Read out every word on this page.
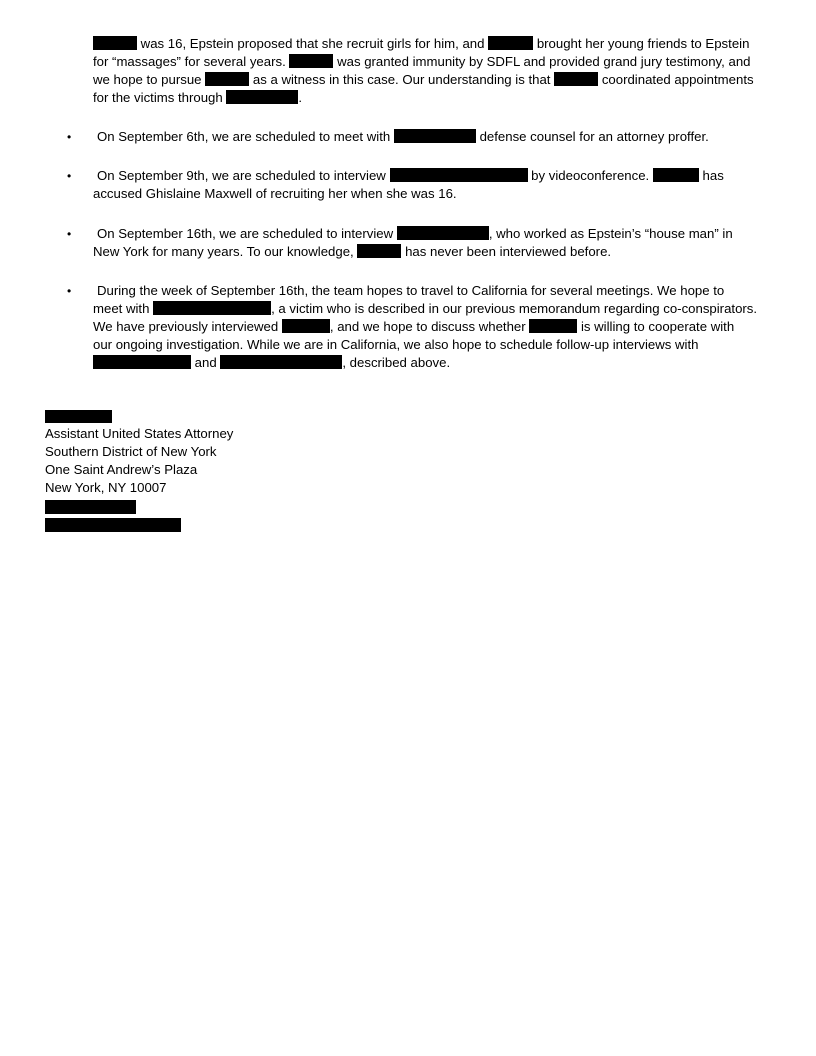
was 16, Epstein proposed that she recruit girls for him, and	brought her young friends to Epstein
for “massages” for several years.	was granted immunity by SDFL and provided grand jury testimony, and
we hope to pursue	as a witness in this case. Our understanding is that	coordinated appointments
for the victims through	.
• On September 6th, we are scheduled to meet with	defense counsel for an attorney proffer.
• On September 9th, we are scheduled to interview	by videoconference.	has
accused Ghislaine Maxwell of recruiting her when she was 16.
• On September 16th, we are scheduled to interview	, who worked as Epstein’s “house man” in
New York for many years. To our knowledge,	has never been interviewed before.
• During the week of September 16th, the team hopes to travel to California for several meetings. We hope to
meet with	, a victim who is described in our previous memorandum regarding co-conspirators.
We have previously interviewed	, and we hope to discuss whether	is willing to cooperate with
our ongoing investigation. While we are in California, we also hope to schedule follow-up interviews with
and	, described above.
Assistant United States Attorney
Southern District of New York
One Saint Andrew’s Plaza
New York, NY 10007
